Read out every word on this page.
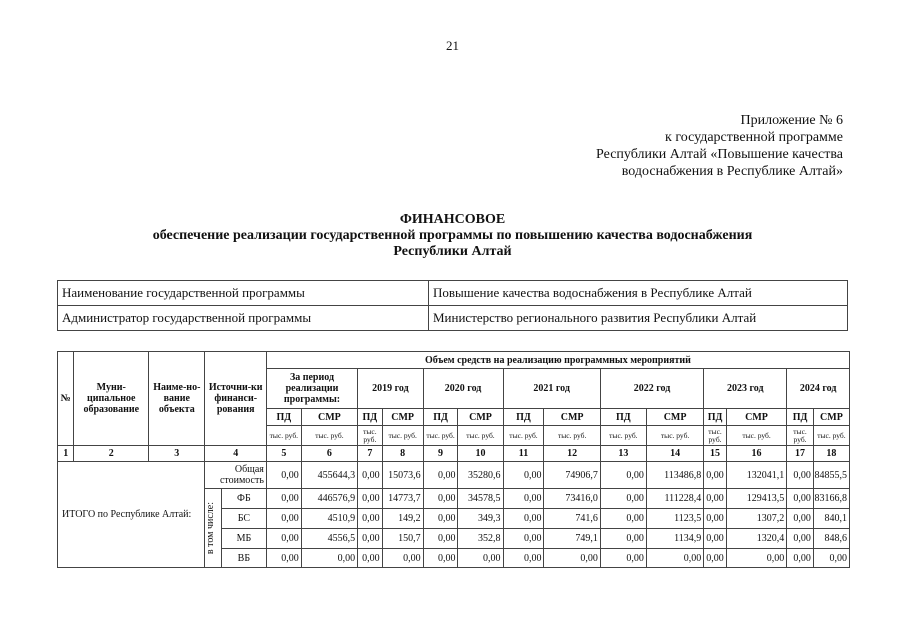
21
Приложение № 6
к государственной программе
Республики Алтай «Повышение качества
водоснабжения в Республике Алтай»
ФИНАНСОВОЕ
обеспечение реализации государственной программы по повышению качества водоснабжения
Республики Алтай
Наименование государственной программы	Повышение качества водоснабжения в Республике Алтай
Администратор государственной программы	Министерство регионального развития Республики Алтай
№	Муни-ципальное образование	Наиме-но-вание объекта	Источни-ки финанси-рования		Объем средств на реализацию программных мероприятий													
					За период реализации программы:		2019 год		2020 год		2021 год		2022 год		2023 год		2024 год	
					ПД	СМР	ПД	СМР	ПД	СМР	ПД	СМР	ПД	СМР	ПД	СМР	ПД	СМР
					тыс. руб.	тыс. руб.	тыс. руб.	тыс. руб.	тыс. руб.	тыс. руб.	тыс. руб.	тыс. руб.	тыс. руб.	тыс. руб.	тыс. руб.	тыс. руб.	тыс. руб.	тыс. руб.
1	2	3	4		5	6	7	8	9	10	11	12	13	14	15	16	17	18
ИТОГО по Республике Алтай:			Общая стоимость		0,00	455644,3	0,00	15073,6	0,00	35280,6	0,00	74906,7	0,00	113486,8	0,00	132041,1	0,00	84855,5

			в том числе:	ФБ	0,00	446576,9	0,00	14773,7	0,00	34578,5	0,00	73416,0	0,00	111228,4	0,00	129413,5	0,00	83166,8
				БС	0,00	4510,9	0,00	149,2	0,00	349,3	0,00	741,6	0,00	1123,5	0,00	1307,2	0,00	840,1
				МБ	0,00	4556,5	0,00	150,7	0,00	352,8	0,00	749,1	0,00	1134,9	0,00	1320,4	0,00	848,6
				ВБ	0,00	0,00	0,00	0,00	0,00	0,00	0,00	0,00	0,00	0,00	0,00	0,00	0,00	0,00
